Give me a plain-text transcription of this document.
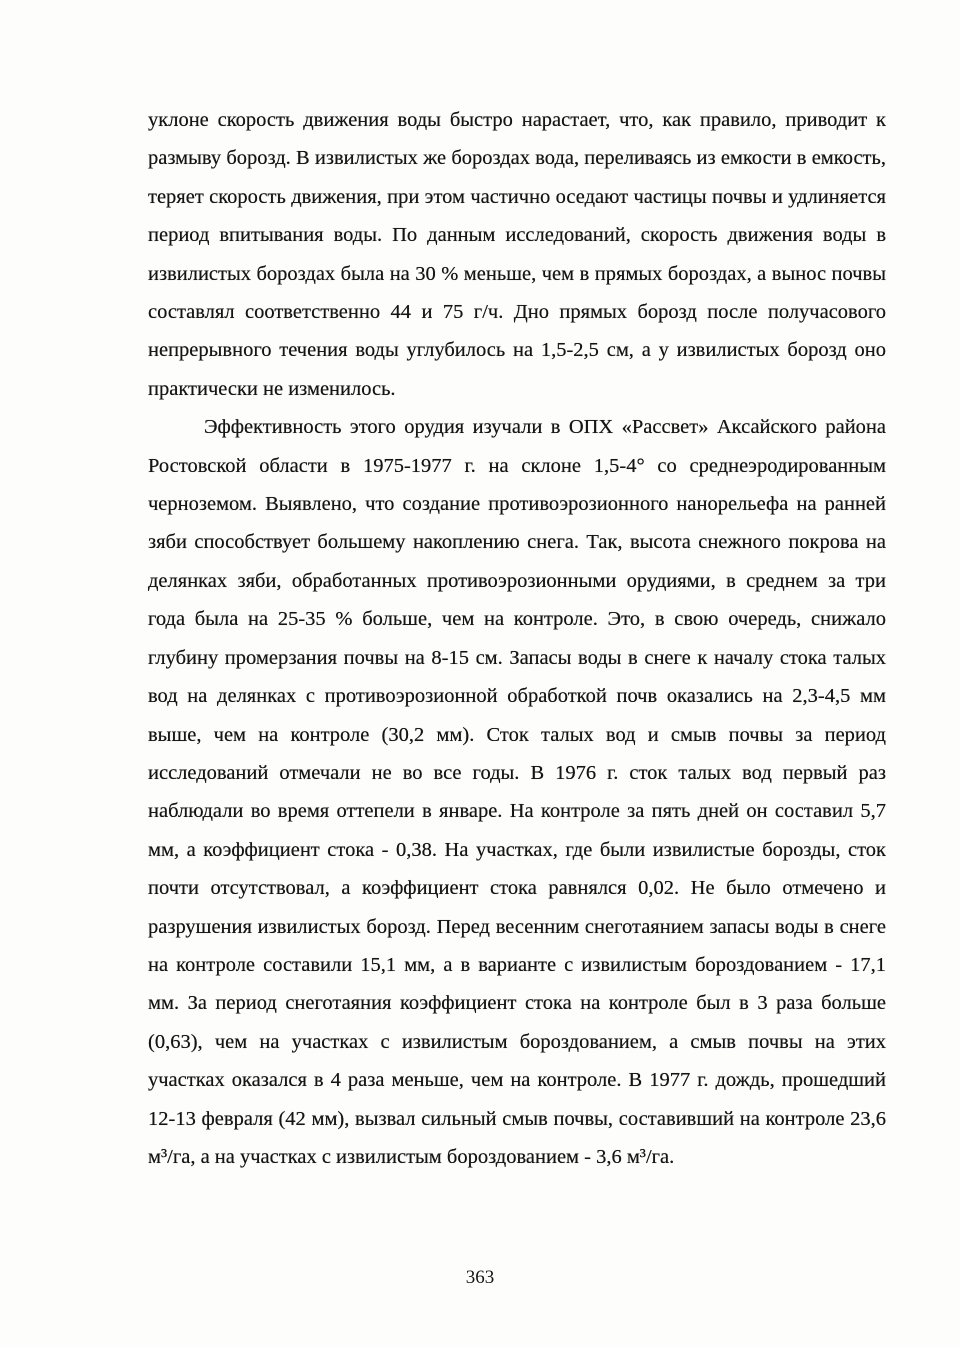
уклоне скорость движения воды быстро нарастает, что, как правило, приводит к размыву борозд. В извилистых же бороздах вода, переливаясь из емкости в емкость, теряет скорость движения, при этом частично оседают частицы почвы и удлиняется период впитывания воды. По данным исследований, скорость движения воды в извилистых бороздах была на 30 % меньше, чем в прямых бороздах, а вынос почвы составлял соответственно 44 и 75 г/ч. Дно прямых борозд после получасового непрерывного течения воды углубилось на 1,5-2,5 см, а у извилистых борозд оно практически не изменилось.

Эффективность этого орудия изучали в ОПХ «Рассвет» Аксайского района Ростовской области в 1975-1977 г. на склоне 1,5-4° со среднеэродированным черноземом. Выявлено, что создание противоэрозионного нанорельефа на ранней зяби способствует большему накоплению снега. Так, высота снежного покрова на делянках зяби, обработанных противоэрозионными орудиями, в среднем за три года была на 25-35 % больше, чем на контроле. Это, в свою очередь, снижало глубину промерзания почвы на 8-15 см. Запасы воды в снеге к началу стока талых вод на делянках с противоэрозионной обработкой почв оказались на 2,3-4,5 мм выше, чем на контроле (30,2 мм). Сток талых вод и смыв почвы за период исследований отмечали не во все годы. В 1976 г. сток талых вод первый раз наблюдали во время оттепели в январе. На контроле за пять дней он составил 5,7 мм, а коэффициент стока - 0,38. На участках, где были извилистые борозды, сток почти отсутствовал, а коэффициент стока равнялся 0,02. Не было отмечено и разрушения извилистых борозд. Перед весенним снеготаянием запасы воды в снеге на контроле составили 15,1 мм, а в варианте с извилистым бороздованием - 17,1 мм. За период снеготаяния коэффициент стока на контроле был в 3 раза больше (0,63), чем на участках с извилистым бороздованием, а смыв почвы на этих участках оказался в 4 раза меньше, чем на контроле. В 1977 г. дождь, прошедший 12-13 февраля (42 мм), вызвал сильный смыв почвы, составивший на контроле 23,6 м³/га, а на участках с извилистым бороздованием - 3,6 м³/га.

363
